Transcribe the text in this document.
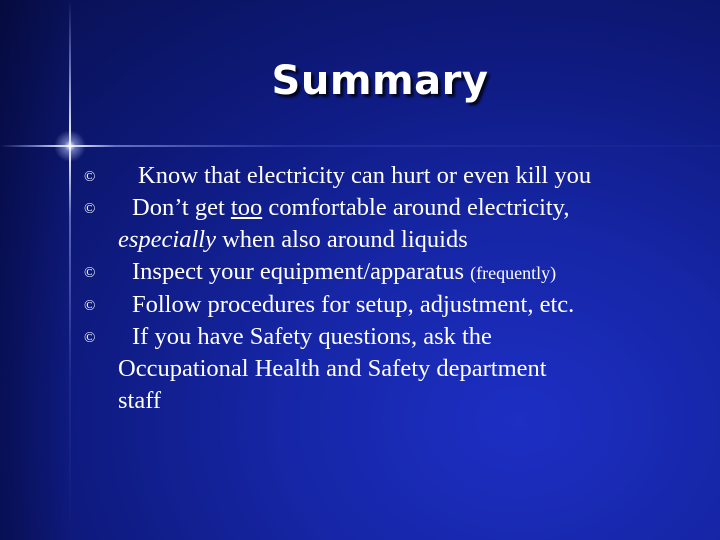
Summary
©	Know that electricity can hurt or even kill you
©	Don’t get too comfortable around electricity,
especially when also around liquids
©	Inspect your equipment/apparatus (frequently)
©	Follow procedures for setup, adjustment, etc.
©	If you have Safety questions, ask the
Occupational Health and Safety department
staff
